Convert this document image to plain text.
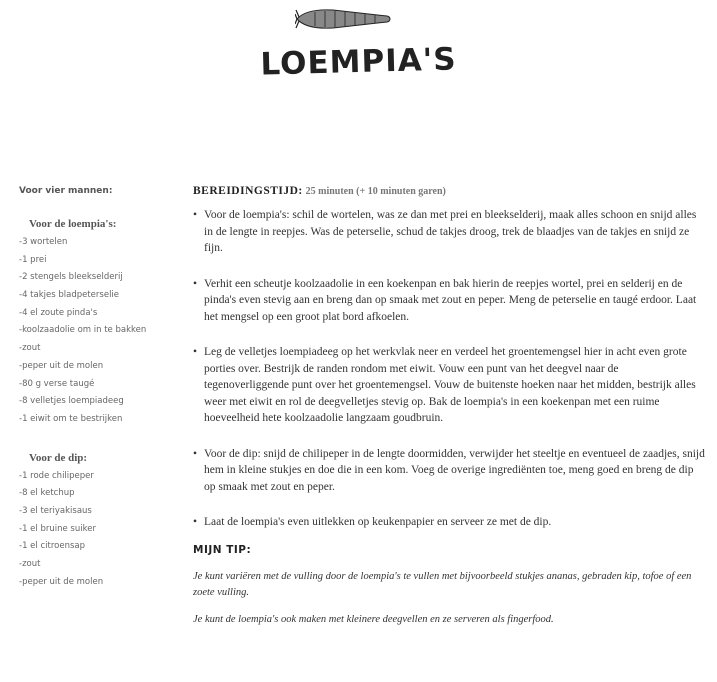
LOEMPIA'S
Voor vier mannen:
Voor de loempia's:
-3 wortelen
-1 prei
-2 stengels bleekselderij
-4 takjes bladpeterselie
-4 el zoute pinda's
-koolzaadolie om in te bakken
-zout
-peper uit de molen
-80 g verse taugé
-8 velletjes loempiadeeg
-1 eiwit om te bestrijken
Voor de dip:
-1 rode chilipeper
-8 el ketchup
-3 el teriyakisaus
-1 el bruine suiker
-1 el citroensap
-zout
-peper uit de molen
BEREIDINGSTIJD: 25 minuten (+ 10 minuten garen)
• Voor de loempia's: schil de wortelen, was ze dan met prei en bleekselderij, maak alles schoon en snijd alles in de lengte in reepjes. Was de peterselie, schud de takjes droog, trek de blaadjes van de takjes en snijd ze fijn.
• Verhit een scheutje koolzaadolie in een koekenpan en bak hierin de reepjes wortel, prei en selderij en de pinda's even stevig aan en breng dan op smaak met zout en peper. Meng de peterselie en taugé erdoor. Laat het mengsel op een groot plat bord afkoelen.
• Leg de velletjes loempiadeeg op het werkvlak neer en verdeel het groentemengsel hier in acht even grote porties over. Bestrijk de randen rondom met eiwit. Vouw een punt van het deegvel naar de tegenoverliggende punt over het groentemengsel. Vouw de buitenste hoeken naar het midden, bestrijk alles weer met eiwit en rol de deegvelletjes stevig op. Bak de loempia's in een koekenpan met een ruime hoeveelheid hete koolzaadolie langzaam goudbruin.
• Voor de dip: snijd de chilipeper in de lengte doormidden, verwijder het steeltje en eventueel de zaadjes, snijd hem in kleine stukjes en doe die in een kom. Voeg de overige ingrediënten toe, meng goed en breng de dip op smaak met zout en peper.
• Laat de loempia's even uitlekken op keukenpapier en serveer ze met de dip.
MIJN TIP:
Je kunt variëren met de vulling door de loempia's te vullen met bijvoorbeeld stukjes ananas, gebraden kip, tofoe of een zoete vulling.
Je kunt de loempia's ook maken met kleinere deegvellen en ze serveren als fingerfood.
